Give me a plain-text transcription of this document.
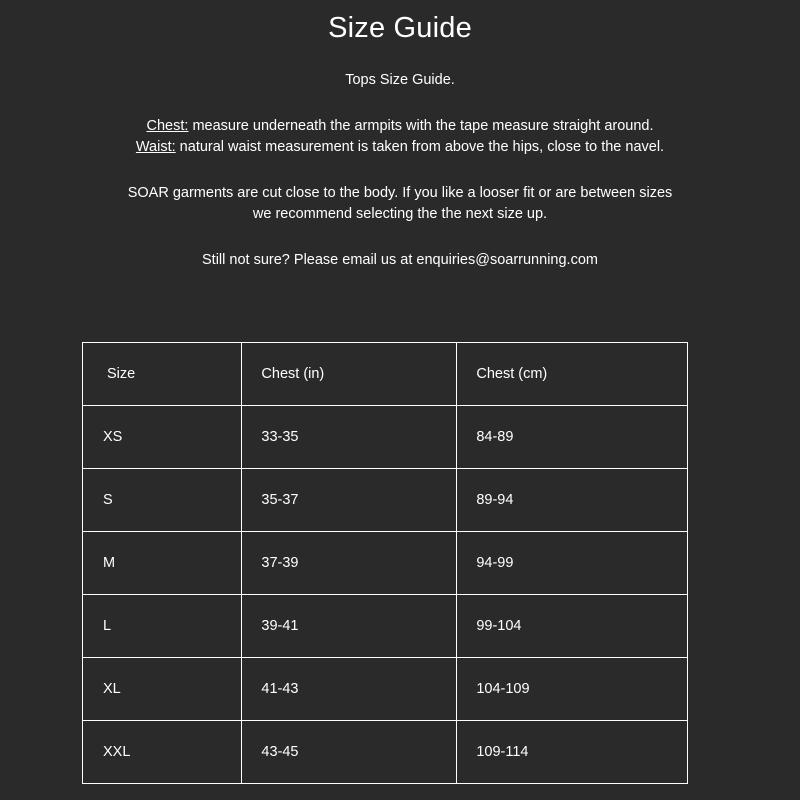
Size Guide
Tops Size Guide.
Chest: measure underneath the armpits with the tape measure straight around.
Waist: natural waist measurement is taken from above the hips, close to the navel.
SOAR garments are cut close to the body. If you like a looser fit or are between sizes
we recommend selecting the the next size up.
Still not sure? Please email us at enquiries@soarrunning.com
Size	Chest (in)	Chest (cm)
XS	33-35	84-89
S	35-37	89-94
M	37-39	94-99
L	39-41	99-104
XL	41-43	104-109
XXL	43-45	109-114
